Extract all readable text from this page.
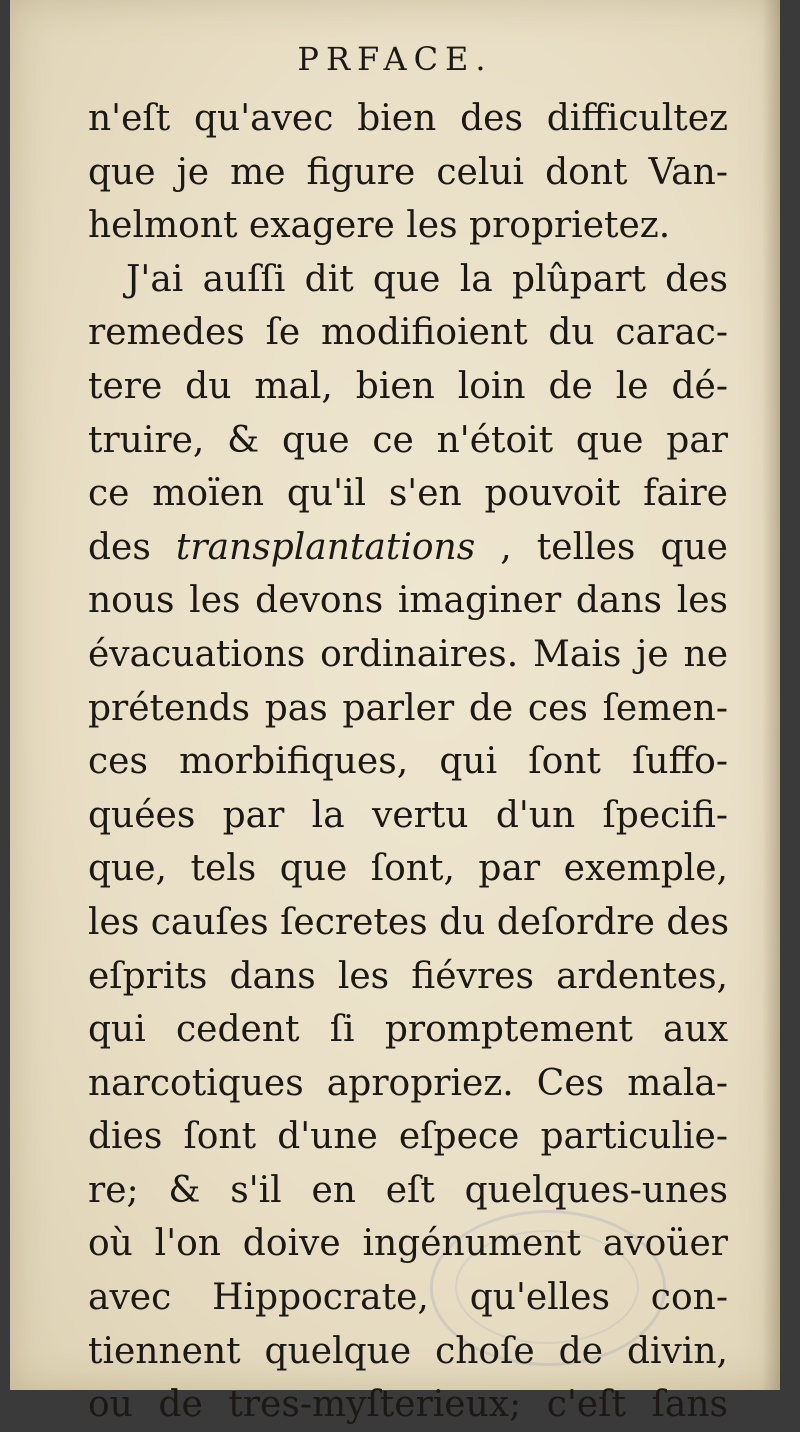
PRFACE.
n'eſt qu'avec bien des difficultez
que je me figure celui dont Van-
helmont exagere les proprietez.
J'ai auſſi dit que la plûpart des
remedes ſe modifioient du carac-
tere du mal, bien loin de le dé-
truire, & que ce n'étoit que par
ce moïen qu'il s'en pouvoit faire
des transplantations , telles que
nous les devons imaginer dans les
évacuations ordinaires. Mais je ne
prétends pas parler de ces ſemen-
ces morbifiques, qui ſont ſuffo-
quées par la vertu d'un ſpecifi-
que, tels que ſont, par exemple,
les cauſes ſecretes du deſordre des
eſprits dans les fiévres ardentes,
qui cedent ſi promptement aux
narcotiques apropriez. Ces mala-
dies ſont d'une eſpece particulie-
re; & s'il en eſt quelques-unes
où l'on doive ingénument avoüer
avec Hippocrate, qu'elles con-
tiennent quelque choſe de divin,
ou de tres-myſterieux; c'eſt ſans
